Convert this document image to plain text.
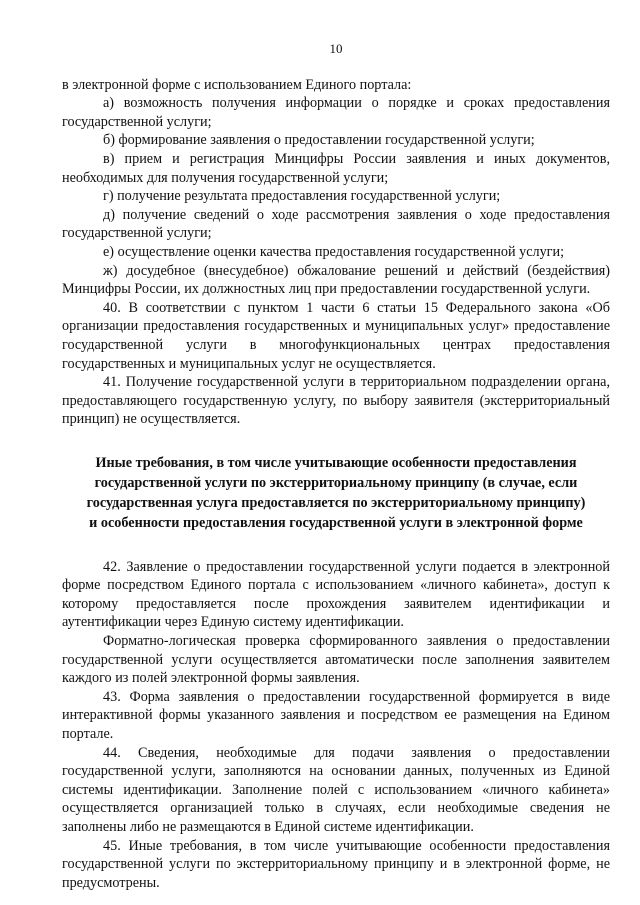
10

в электронной форме с использованием Единого портала:

а) возможность получения информации о порядке и сроках предоставления государственной услуги;

б) формирование заявления о предоставлении государственной услуги;

в) прием и регистрация Минцифры России заявления и иных документов, необходимых для получения государственной услуги;

г) получение результата предоставления государственной услуги;

д) получение сведений о ходе рассмотрения заявления о ходе предоставления государственной услуги;

е) осуществление оценки качества предоставления государственной услуги;

ж) досудебное (внесудебное) обжалование решений и действий (бездействия) Минцифры России, их должностных лиц при предоставлении государственной услуги.

40. В соответствии с пунктом 1 части 6 статьи 15 Федерального закона «Об организации предоставления государственных и муниципальных услуг» предоставление государственной услуги в многофункциональных центрах предоставления государственных и муниципальных услуг не осуществляется.

41. Получение государственной услуги в территориальном подразделении органа, предоставляющего государственную услугу, по выбору заявителя (экстерриториальный принцип) не осуществляется.

Иные требования, в том числе учитывающие особенности предоставления
государственной услуги по экстерриториальному принципу (в случае, если
государственная услуга предоставляется по экстерриториальному принципу)
и особенности предоставления государственной услуги в электронной форме

42. Заявление о предоставлении государственной услуги подается в электронной форме посредством Единого портала с использованием «личного кабинета», доступ к которому предоставляется после прохождения заявителем идентификации и аутентификации через Единую систему идентификации.

Форматно-логическая проверка сформированного заявления о предоставлении государственной услуги осуществляется автоматически после заполнения заявителем каждого из полей электронной формы заявления.

43. Форма заявления о предоставлении государственной формируется в виде интерактивной формы указанного заявления и посредством ее размещения на Едином портале.

44. Сведения, необходимые для подачи заявления о предоставлении государственной услуги, заполняются на основании данных, полученных из Единой системы идентификации. Заполнение полей с использованием «личного кабинета» осуществляется организацией только в случаях, если необходимые сведения не заполнены либо не размещаются в Единой системе идентификации.

45. Иные требования, в том числе учитывающие особенности предоставления государственной услуги по экстерриториальному принципу и в электронной форме, не предусмотрены.
